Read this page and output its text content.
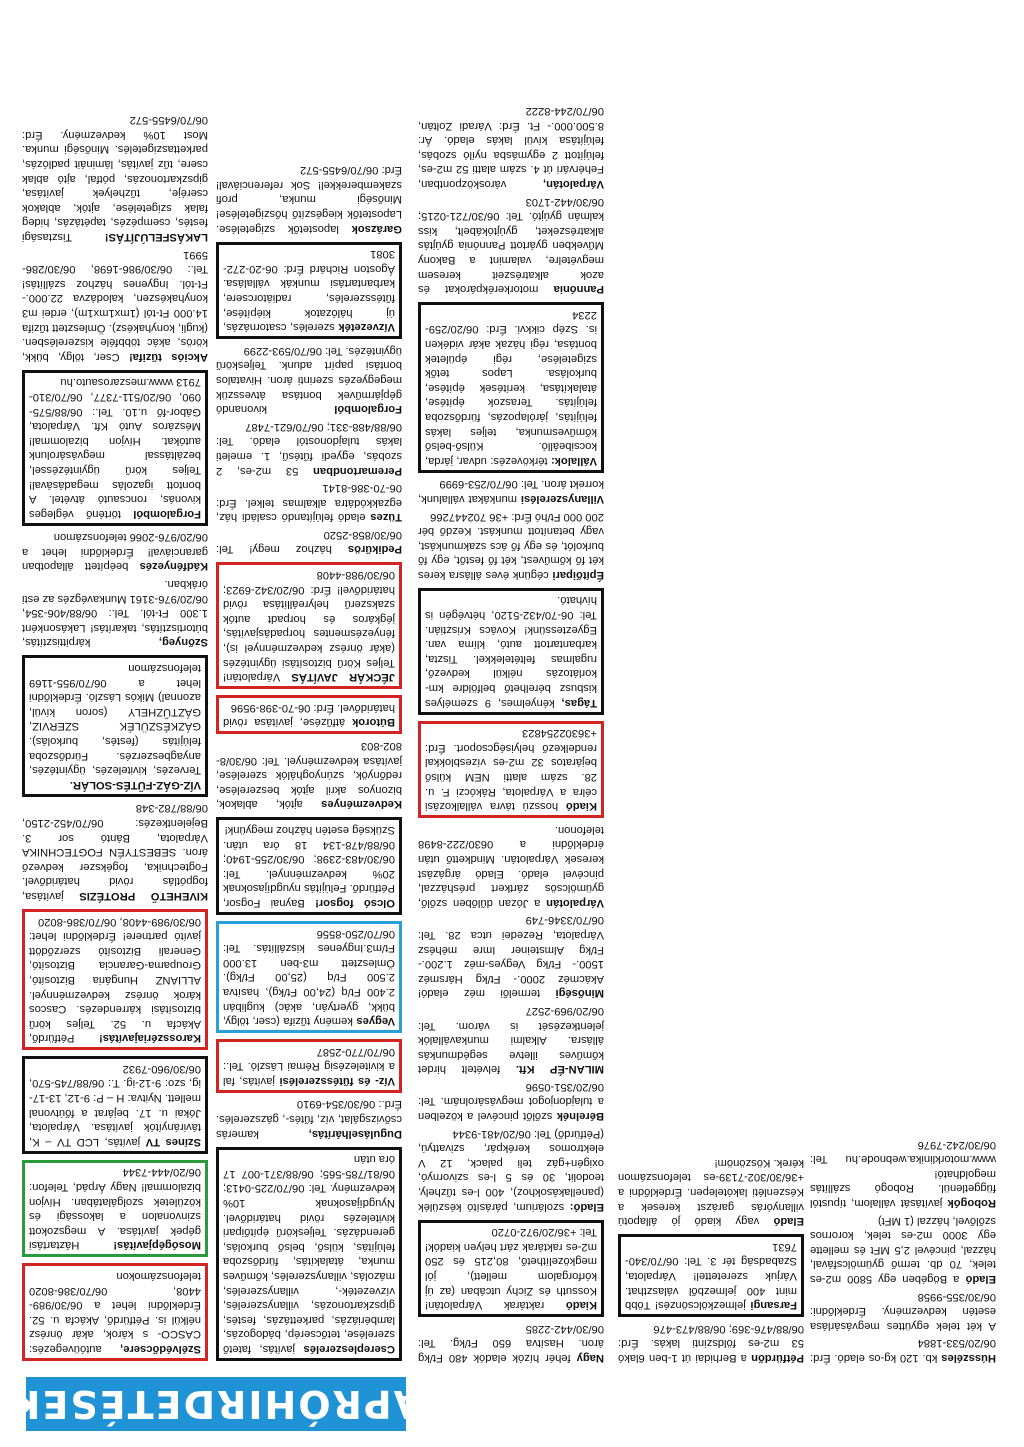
APRÓHIRDETÉSEK
Szélvédőcsere, autóüvegezés: CASCO- s károk, akár önrész nélkül is. Pétfürdő, Akácfa u. 52. Érdeklődni lehet a 06/30/989-4408, 06/70/386-8020 telefonszámokon
Mosógépjavítás! Háztartási gépek javítása. A megszokott szinvonalon a lakossági és közületek szolgálatában. Hívjon bizalommal! Nagy Árpád, Telefon: 06/20/444-7344
Színes TV javítás, LCD TV – K, távirányítók javítása. Várpalota, Jókai u. 17. bejárat a főútvonal mellett. Nyitva: H – P: 9-12, 13-17-ig, szo: 9-12-ig. T.: 06/88/745-570, 06/30/960-7932
Karosszériajavítás! Pétfürdő, Akácfa u. 52. Teljes körű biztosítási kárrendezés. Cascos károk önrész kedvezménnyel. ALLIANZ Hungária Biztosító, Groupama-Garancia Biztosító, Generali Biztosító szerződött javító partnere! Érdeklődni lehet: 06/30/989-4408, 06/70/386-8020
KIVEHETŐ PROTÉZIS javítása, fogpótlás rövid határidővel. Fogtechnika, fogékszer kedvező áron. SEBESTYÉN FOGTECHNIKA Várpalota, Bántó sor 3. Bejelentkezés: 06/70/452-2150, 06/88/782-348
VÍZ-GÁZ-FŰTÉS-SOLÁR. Tervezés, kivitelezés, ügyintézés, anyagbeszerzés. Fürdőszoba felújítás (festés, burkolás). GÁZKÉSZÜLÉK SZERVIZ, GÁZTŰZHELY (soron kívül, azonnal) Mikós László. Érdeklődni lehet a 06/70/955-1169 telefonszámon
Szőnyeg, kárpittisztítás, bútortisztítás, takarítás! Lakásonként 1.300 Ft-tól. Tel.: 06/88/406-354, 06/20/976-3161 Munkavégzés az esti órákban.
Kádfényezés beépített állapotban garanciával! Érdeklődni lehet a 06/20/976-2066 telefonszámon
Forgalomból történő végleges kivonás, roncsautó átvétel. A bontott igazolás megadásával! Teljes körű ügyintézéssel, bezáltással megvásárolunk autókat. Hívjon bizalommal! Mészáros Autó Kft. Várpalota, Gábor-fő u.10. Tel.: 06/88/575-090, 06/20/511-7377, 06/70/310-7913 www.meszarosauto.hu
Akciós tűzifa! Cser, tölgy, bükk, körös, akác többféle kiszerelésben. (kugli, konyhakész). Ömlesztett tűzifa 14.000 Ft-tól (1mx1mx1m), erdei m3 konyhakészen, kalodázva 22.000.- Ft-tól. Ingyenes házhoz szállítás! Tel.: 06/30/986-1698, 06/30/286-5991
LAKÁSFELÚJÍTÁS! Tisztasági festés, csempézés, tapétázás, hideg falak szigetelése, ajtók, ablakok cseréje, tűzhelyek javítása, gipszkartonozás, pótfal, ajtó ablak csere, tűz javítás, lámináit padlózás, parkettaszigetelés. Minőségi munka. Most 10% kedvezmény. Érd: 06/70/6455-572
Cserepleszerelés javítás, fatető szerelése, tetőcserép, bádogozás, lambériázás, parkettázás, festés, gipszkartonozás, villanyszerelés, vízvezeték-, villanyszerelés, mázolás, villanyszerelés, kőműves munka, átalakítás, fürdőszoba felújítás, külső, belső burkolás, gerendázás. Teljeskörű építőipari kivitelezés rövid határidővel. Nyugdíjasoknak 10% kedvezmény. Tel: 06/70/225-0413; 06/81/785-565; 06/88/371-007 17 óra után
Duguláselhárítás, kamerás csővizsgálat, víz, fűtés-, gázszerelés. Érd.: 06/30/354-6910
Víz- és fűtésszerelési javítás, fal a kivitelezésig Rémai László. Tel.: 06/70/770-2587
Vegyes kemény tűzifa (cser, tölgy, bükk, gyertyán, akác) kuglibán 2.400 Ft/q (24,00 Ft/kg), hasítva 2.500 Ft/q (25,00 Ft/kg). Ömlesztett m3-ben 13.000 Ft/m3.Ingyenes kiszállítás. Tel: 06/70/250-8556
Olcsó fogsor! Baynai Fogsor, Pétfürdő. Felújítás nyugdíjasoknak 20% kedvezménnyel. Tel: 06/30/483-2398; 06/30/255-1940; 06/88/478-134 18 óra után. Szükség esetén házhoz megyünk!
Kedvezményes ajtók, ablakok, bizonyos akril ajtók beszerelése, redőnyök, szúnyoghálók szerelése, javítása kedvezményel. Tel: 06/30/8-802-803
Bútorok átfűzése, javítása rövid határidővel. Érd: 06-70-398-9596
JÉCKÁR JAVÍTÁS Várpalotán! Teljes Körű biztosítási ügyintézés (akár önrész kedvezménnyel is), fényezésmentes horpadásjavítás, jégkáros és horpadt autók szakszerű helyreállítása rövid határidővel! Érd: 06/20/342-6923; 06/30/988-4408
Pedikűrös házhoz megy! Tel: 06/30/858-2520
Tüzes eladó felújítandó családi ház, egzakkódátra alkalmas telkel. Érd: 06-70-386-8141
Peremartondban 53 m2-es, 2 szobás, egyedi fűtésű, 1. emeleti lakás tulajdonostól eladó. Tel: 06/88/488-331; 06/70/621-7487
Forgalomból kivonandó gépjárművek bontása átvesszük megegyezés szerinti áron. Hivatalos bontási papírt adunk. Teljeskörű ügyintézés. Tel: 06/70/593-2299
Vízvezeték szerelés, csatornázás, új hálózatok kiépítése, fűtésszerelés, radiátorcsere, karbantartási munkák vállalása. Ágoston Richárd Érd: 06-20-272-3081
Garázsok lapostetők szigetelése. Lapostetők kiegészítő hőszigetelése! Minőségi munka, profi szakemberekkel! Sok referenciával! Érd: 06/70/6455-572
Nagy fehér hízók eladók 480 Ft/kg áron. Hasítva 650 Ft/kg. Tel: 06/30/442-2285
Kiadó raktárak Várpalotán! Kossuth és Zichy utcában (az új kórforgalom mellett), jól megközelíthető, 80,215 és 250 m2-es raktárak zárt helyen kiadók! Tel: +36/20/972-0720
Eladó: szolárium, párásító készülék (panellakásokhoz), 400 l-es tűzhely, teodolit, 30 és 5 l-es szivornyó, oxigén+gáz teli palack, 12 V elektromos kerékpár, szivattyú, (Pétfürdő) Tel: 06/20/481-9344
Bérelnék szőlőt pincével a közelben a tulajdonjogot megvásárolnám. Tel: 06/20/351-0596
MILAN-ÉP Kft. felvételt hirdet kőműves illetve segédmunkás állásra. Alkalmi munkavállalók jelentkezését is várom. Tel: 06/20/969-2527
Minőségi termelői méz eladó! Akácméz 2000.- Ft/kg Hársméz 1500.- Ft/kg Vegyes-méz 1.200.- Ft/kg Almsteiner Imre méhész Várpalota, Rezedei utca 28. Tel: 06/70/3346-749
Várpalotán a Józan dűlőben szőlő, gyümölcsös zártkert présházzal, pincével eladó. Eladó árgázást keresek Várpalotán. Mindkettő után érdeklődni a 0630/222-8498 telefonon.
Kiadó hosszú távra vállalkozási célra a Várpalota, Rákóczi F. u. 28. szám alatti NEM külső bejáratos 32 m2-es vízesblokkal rendelkező helyiségcsoport. Érd: +36302254823
Tágas, kényelmes, 9 személyes kisbusz bérelhető belföldre km-korlátozás nélkül kedvező, rugalmas feltételekkel. Tiszta, karbantartott autó, klíma van. Egyeztessünk! Kovács Krisztián. Tel: 06-70/432-5120, hétvégén is hívható.
Építőipari cégünk éves állásra keres két fő kőművest, két fő festőt, egy fő burkolót, és egy fő ács szakmunkást, vagy betanított munkást. Kezdő bér 200 000 Ft/hó Érd: +36 702447266
Villanyszerelési munkákat vállalunk, korrekt áron. Tel: 06/70/253-6999
Vállalok: térkövezés: udvar, járda, kocsibeálló. Külső-belső kőművesmunka, teljes lakás felújítás, járólapozás, fürdőszoba felújítás. Teraszok építése, átalakítása, kerítések építése, burkolása. Lapos tetők szigetelése, régi épületek bontása, régi házak akár vidéken is. Szép cikkvi. Érd: 06/20/259-2234
Pannónia motorkerékpárokat és azok alkatrészeit keresem megvételre, valamint a Bakony Művekben gyártott Pannónia gyújtás alkatrészeket, gyújtókábelt, kiss kalmán gyújtó. Tel: 06/30/721-0215; 06/30/442-1703
Várpalotán, városközpontban, Fehérvári út 4. szám alatti 52 m2-es, felújított 2 egymásba nyíló szobás, felújítása kívül lakás eladó. Ár: 8.500.000.- Ft. Érd: Váradi Zoltán, 06/70/244-8222
Pétfürdőn a Berhidai út 1-ben 6lakó 53 m2-es földszinti lakás. Érd: 06/88/476-369; 06/88/473-476
Farsangi jelmezkölcsönzés! Több mint 400 jelmezből választhat. Várjuk szeretettel! Várpalota, Szabadság tér 3. Tel: 06/70/340-7631
Eladó vagy kiadó jó állapotú villanyórás garázst keresek a Készenléti lakótelepen. Érdeklődni a +36/30/302-7139-es telefonszámon kérek. Köszönöm!
Hússzéles kb. 120 kg-os eladó. Érd: 06/20/533-1884
A két telek együttes megvásárlása esetén kedvezmény. Érdeklődni: 06/30/355-9958
Eladó a Bögében egy 5800 m2-es telek, 70 db. termő gyümölcsfával, házzal, pincével 2,5 MFt és mellette egy 3000 m2-es telek, korornos szőlővel, házzal (1 MFt)
Robogók javítását vállalom, típustól függetlenül. Robogó szállítás megoldható! www.motorklinika.webnode.hu Tel: 06/30/242-7976
